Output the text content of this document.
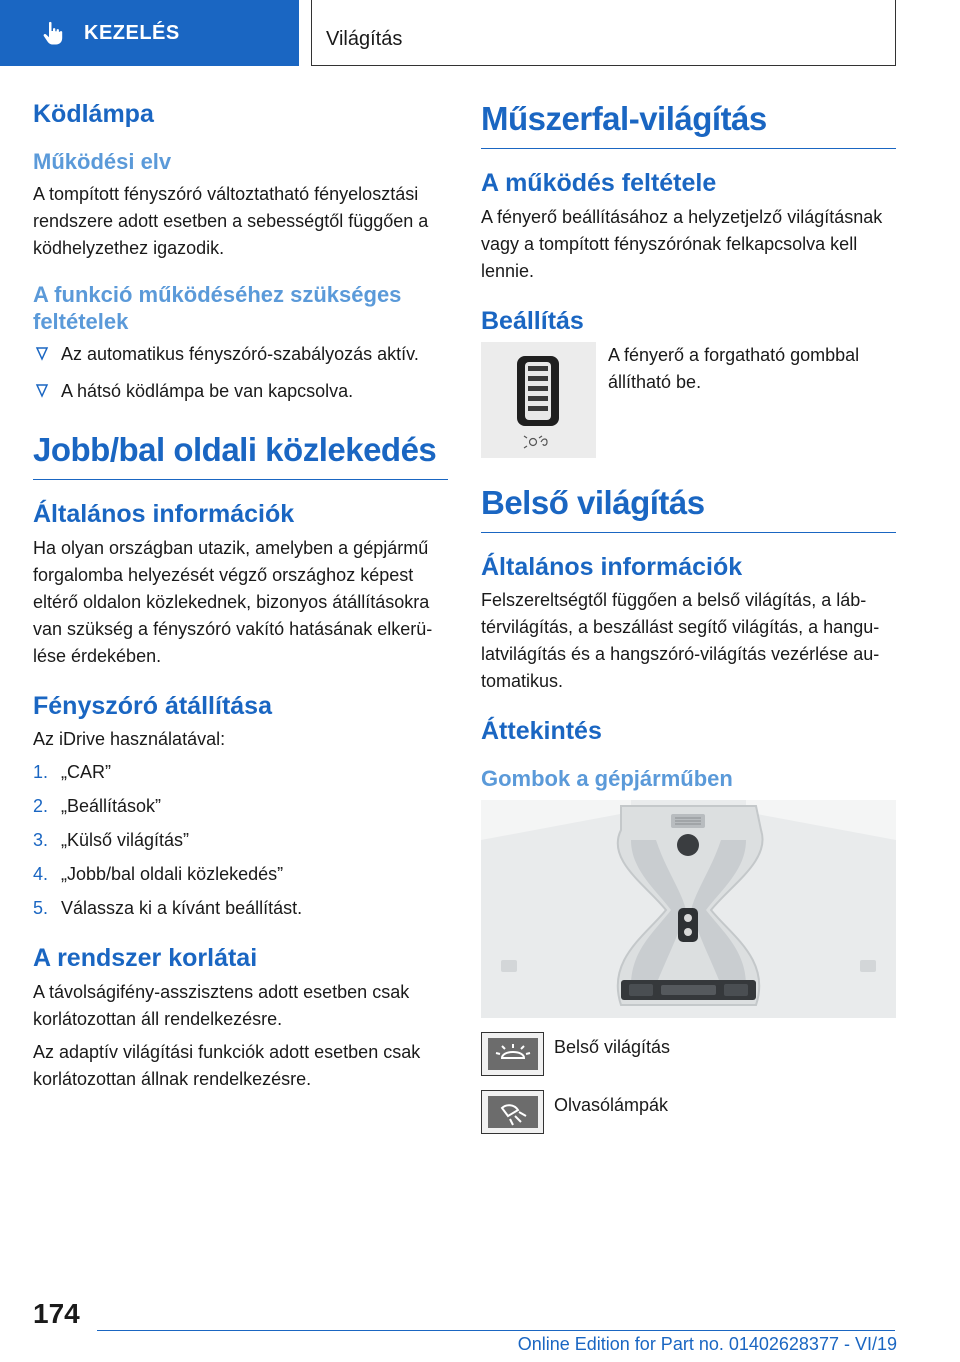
KEZELÉS	Világítás
Ködlámpa
Működési elv
A tompított fényszóró változtatható fényelosztási rendszere adott esetben a sebességtől függően a ködhelyzethez igazodik.
A funkció működéséhez szükséges feltételek
Az automatikus fényszóró-szabályozás aktív.
A hátsó ködlámpa be van kapcsolva.
Jobb/bal oldali közlekedés
Általános információk
Ha olyan országban utazik, amelyben a gépjármű forgalomba helyezését végző országhoz képest eltérő oldalon közlekednek, bizonyos átállításokra van szükség a fényszóró vakító hatásának elkerülése érdekében.
Fényszóró átállítása
Az iDrive használatával:
1. „CAR”
2. „Beállítások”
3. „Külső világítás”
4. „Jobb/bal oldali közlekedés”
5. Válassza ki a kívánt beállítást.
A rendszer korlátai
A távolságifény-asszisztens adott esetben csak korlátozottan áll rendelkezésre.
Az adaptív világítási funkciók adott esetben csak korlátozottan állnak rendelkezésre.
Műszerfal-világítás
A működés feltétele
A fényerő beállításához a helyzetjelző világításnak vagy a tompított fényszórónak felkapcsolva kell lennie.
Beállítás
A fényerő a forgatható gombbal állítható be.
Belső világítás
Általános információk
Felszereltségtől függően a belső világítás, a lábtérvilágítás, a beszállást segítő világítás, a hangulatvilágítás és a hangszóró-világítás vezérlése automatikus.
Áttekintés
Gombok a gépjárműben
Belső világítás
Olvasólámpák
174
Online Edition for Part no. 01402628377 - VI/19
